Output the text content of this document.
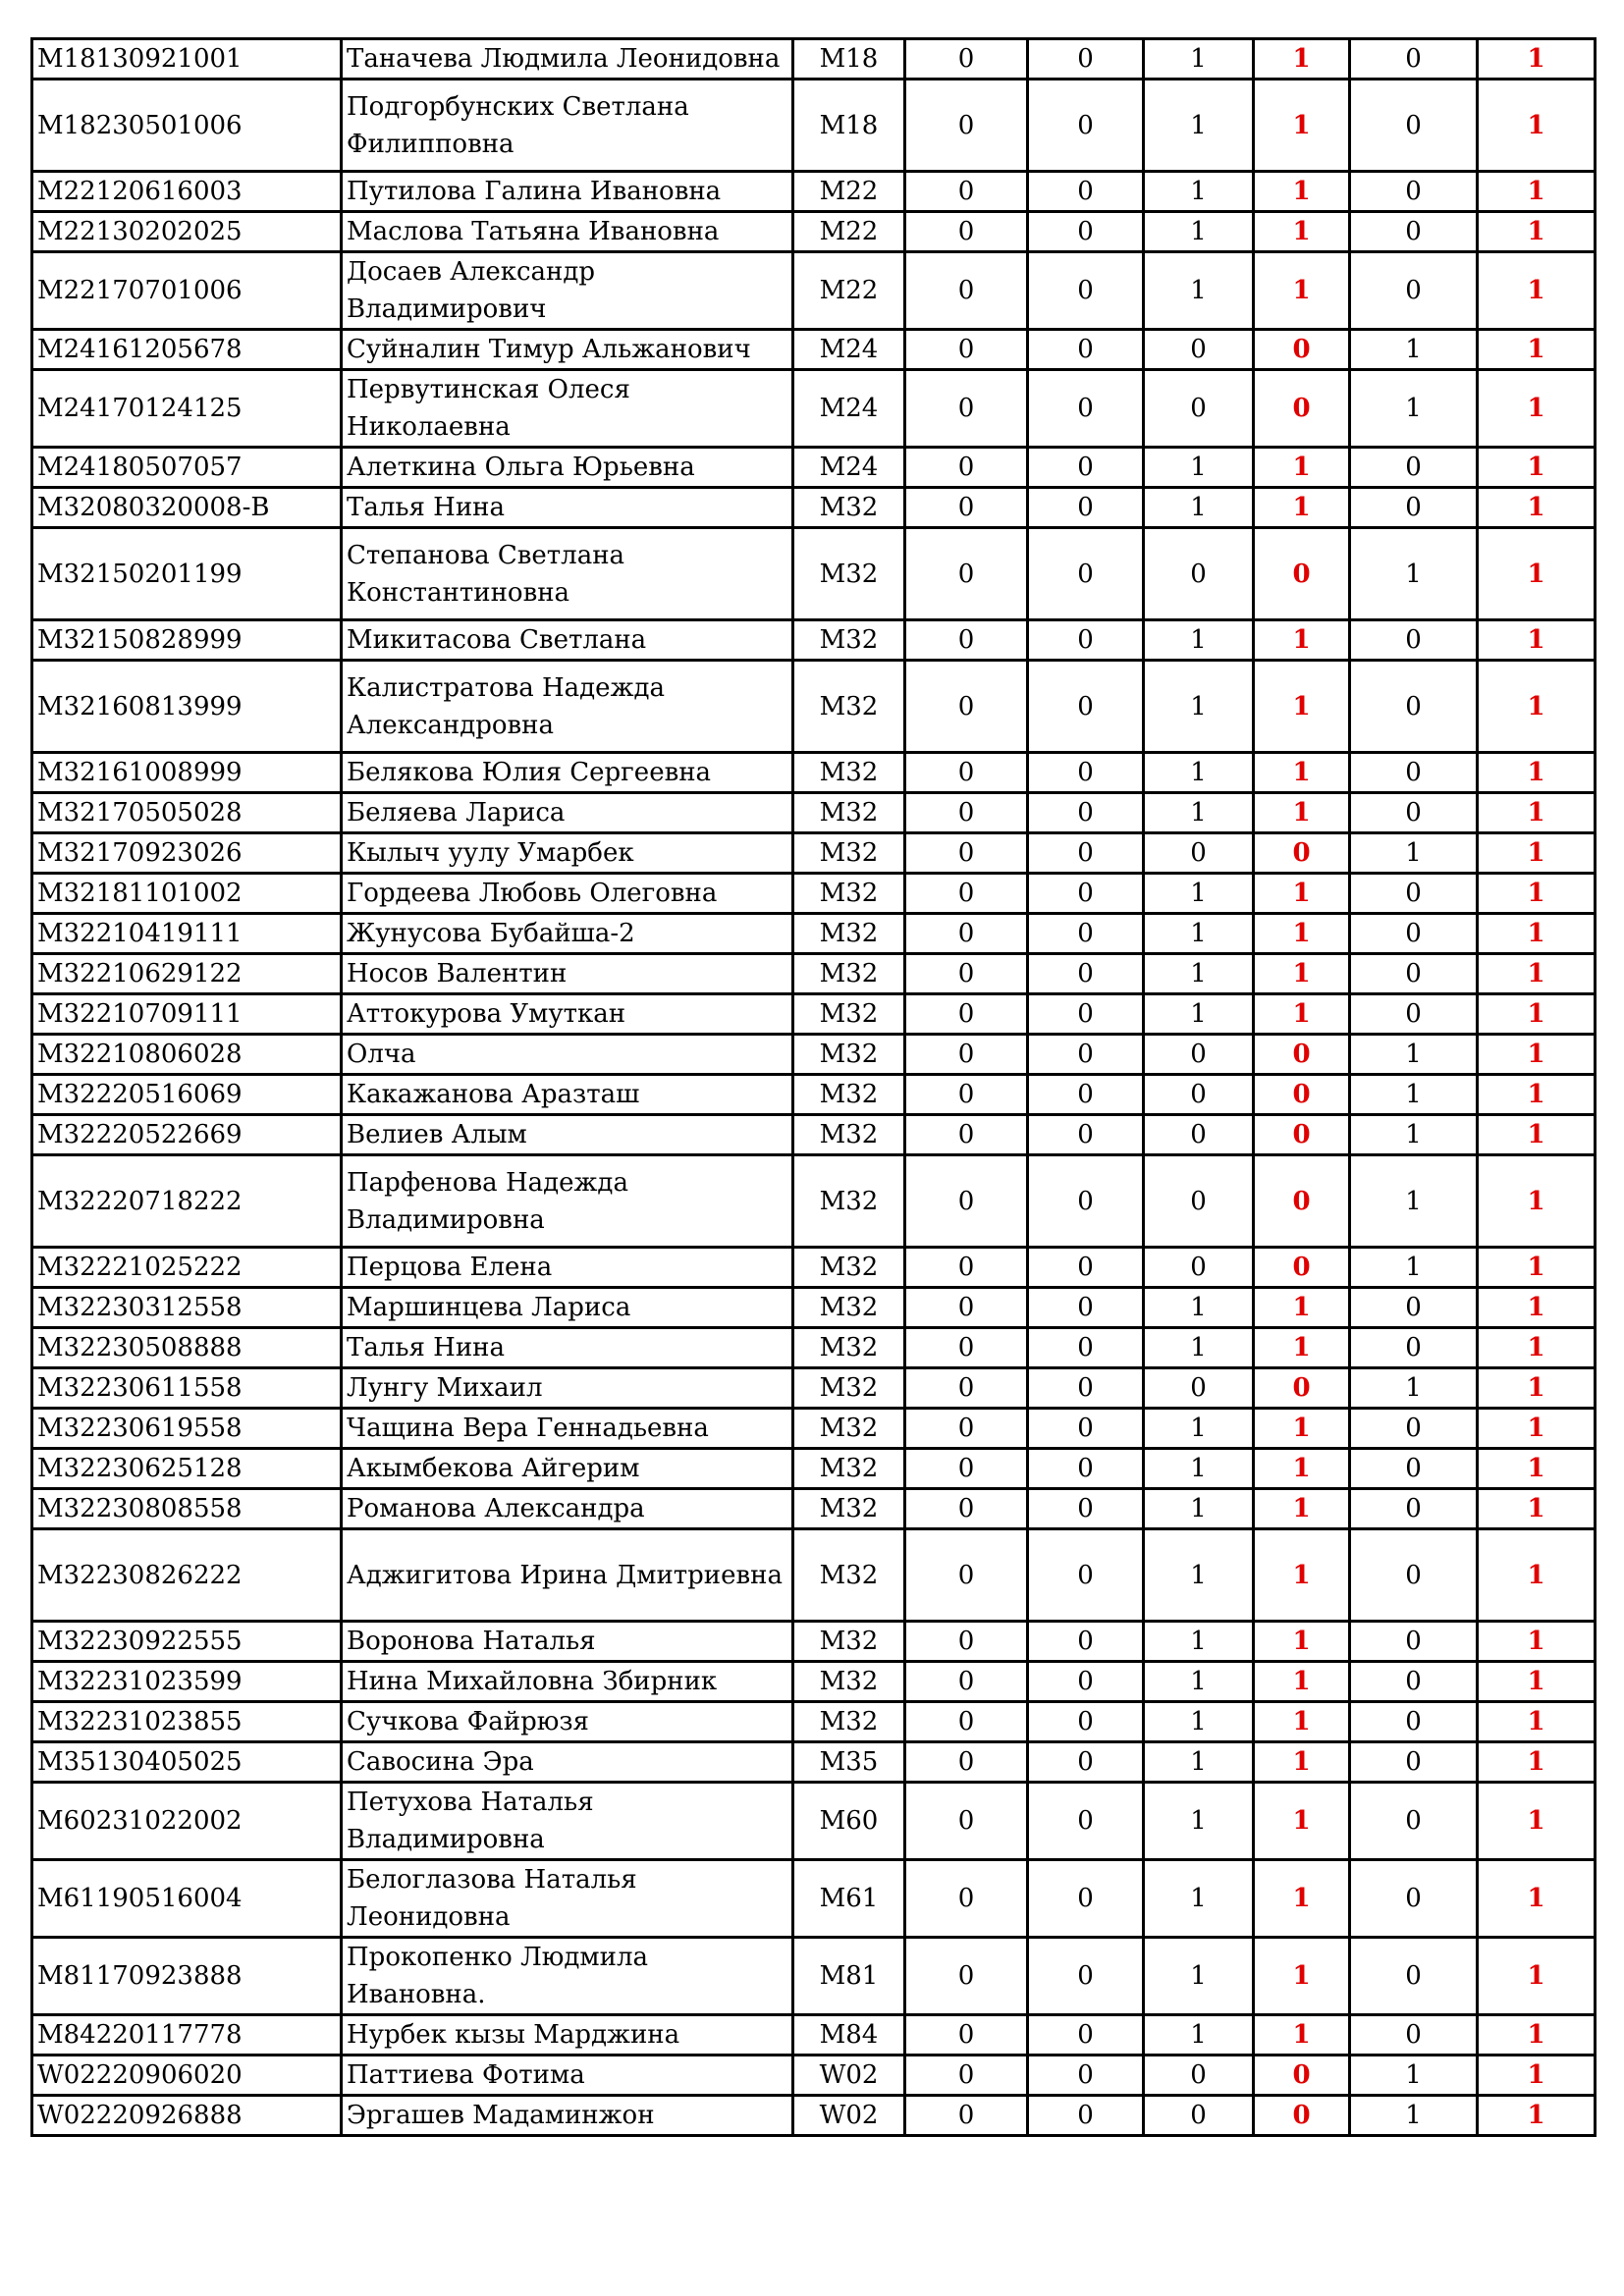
M18130921001	Таначева Людмила Леонидовна	M18	0	0	1	1	0	1
M18230501006	Подгорбунских Светлана Филипповна	M18	0	0	1	1	0	1
M22120616003	Путилова Галина Ивановна	M22	0	0	1	1	0	1
M22130202025	Маслова Татьяна Ивановна	M22	0	0	1	1	0	1
M22170701006	Досаев Александр Владимирович	M22	0	0	1	1	0	1
M24161205678	Суйналин Тимур Альжанович	M24	0	0	0	0	1	1
M24170124125	Первутинская Олеся Николаевна	M24	0	0	0	0	1	1
M24180507057	Алеткина Ольга Юрьевна	M24	0	0	1	1	0	1
M32080320008-B	Талья Нина	M32	0	0	1	1	0	1
M32150201199	Степанова Светлана Константиновна	M32	0	0	0	0	1	1
M32150828999	Микитасова Светлана	M32	0	0	1	1	0	1
M32160813999	Калистратова Надежда Александровна	M32	0	0	1	1	0	1
M32161008999	Белякова Юлия Сергеевна	M32	0	0	1	1	0	1
M32170505028	Беляева Лариса	M32	0	0	1	1	0	1
M32170923026	Кылыч уулу Умарбек	M32	0	0	0	0	1	1
M32181101002	Гордеева Любовь Олеговна	M32	0	0	1	1	0	1
M32210419111	Жунусова Бубайша-2	M32	0	0	1	1	0	1
M32210629122	Носов Валентин	M32	0	0	1	1	0	1
M32210709111	Аттокурова Умуткан	M32	0	0	1	1	0	1
M32210806028	Олча	M32	0	0	0	0	1	1
M32220516069	Какажанова Аразташ	M32	0	0	0	0	1	1
M32220522669	Велиев Алым	M32	0	0	0	0	1	1
M32220718222	Парфенова Надежда Владимировна	M32	0	0	0	0	1	1
M32221025222	Перцова Елена	M32	0	0	0	0	1	1
M32230312558	Маршинцева Лариса	M32	0	0	1	1	0	1
M32230508888	Талья Нина	M32	0	0	1	1	0	1
M32230611558	Лунгу Михаил	M32	0	0	0	0	1	1
M32230619558	Чащина Вера Геннадьевна	M32	0	0	1	1	0	1
M32230625128	Акымбекова Айгерим	M32	0	0	1	1	0	1
M32230808558	Романова Александра	M32	0	0	1	1	0	1
M32230826222	Аджигитова Ирина Дмитриевна	M32	0	0	1	1	0	1
M32230922555	Воронова Наталья	M32	0	0	1	1	0	1
M32231023599	Нина Михайловна Збирник	M32	0	0	1	1	0	1
M32231023855	Сучкова Файрюзя	M32	0	0	1	1	0	1
M35130405025	Савосина Эра	M35	0	0	1	1	0	1
M60231022002	Петухова Наталья Владимировна	M60	0	0	1	1	0	1
M61190516004	Белоглазова Наталья Леонидовна	M61	0	0	1	1	0	1
M81170923888	Прокопенко Людмила Ивановна.	M81	0	0	1	1	0	1
M84220117778	Нурбек кызы Марджина	M84	0	0	1	1	0	1
W02220906020	Паттиева Фотима	W02	0	0	0	0	1	1
W02220926888	Эргашев Мадаминжон	W02	0	0	0	0	1	1
